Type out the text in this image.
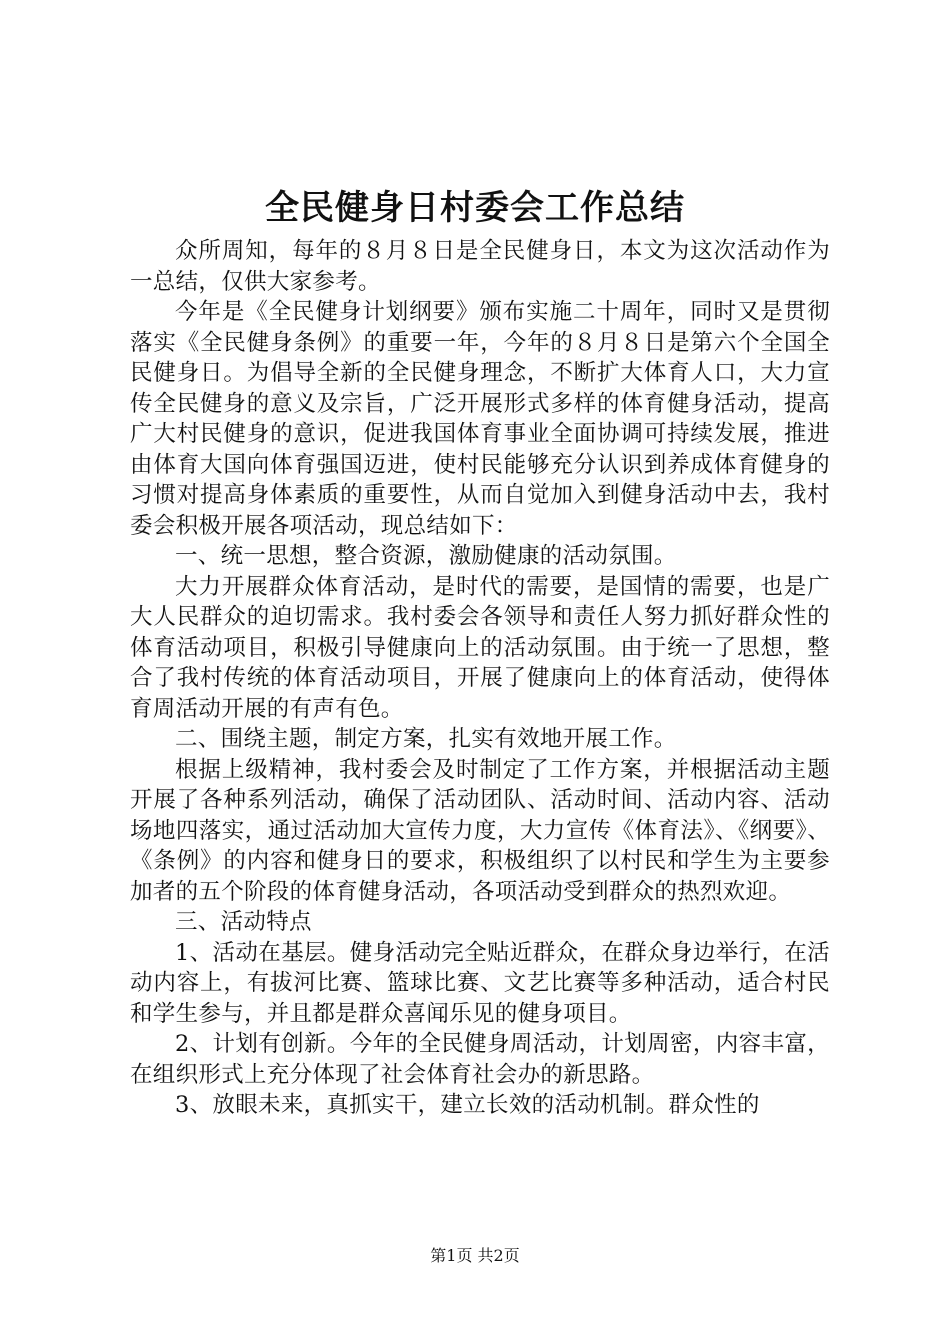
全民健身日村委会工作总结

众所周知，每年的８月８日是全民健身日，本文为这次活动作为一总结，仅供大家参考。

今年是《全民健身计划纲要》颁布实施二十周年，同时又是贯彻落实《全民健身条例》的重要一年，今年的８月８日是第六个全国全民健身日。为倡导全新的全民健身理念，不断扩大体育人口，大力宣传全民健身的意义及宗旨，广泛开展形式多样的体育健身活动，提高广大村民健身的意识，促进我国体育事业全面协调可持续发展，推进由体育大国向体育强国迈进，使村民能够充分认识到养成体育健身的习惯对提高身体素质的重要性，从而自觉加入到健身活动中去，我村委会积极开展各项活动，现总结如下：

一、统一思想，整合资源，激励健康的活动氛围。

大力开展群众体育活动，是时代的需要，是国情的需要，也是广大人民群众的迫切需求。我村委会各领导和责任人努力抓好群众性的体育活动项目，积极引导健康向上的活动氛围。由于统一了思想，整合了我村传统的体育活动项目，开展了健康向上的体育活动，使得体育周活动开展的有声有色。

二、围绕主题，制定方案，扎实有效地开展工作。

根据上级精神，我村委会及时制定了工作方案，并根据活动主题开展了各种系列活动，确保了活动团队、活动时间、活动内容、活动场地四落实，通过活动加大宣传力度，大力宣传《体育法》、《纲要》、《条例》的内容和健身日的要求，积极组织了以村民和学生为主要参加者的五个阶段的体育健身活动，各项活动受到群众的热烈欢迎。

三、活动特点

1、活动在基层。健身活动完全贴近群众，在群众身边举行，在活动内容上，有拔河比赛、篮球比赛、文艺比赛等多种活动，适合村民和学生参与，并且都是群众喜闻乐见的健身项目。

2、计划有创新。今年的全民健身周活动，计划周密，内容丰富，在组织形式上充分体现了社会体育社会办的新思路。

3、放眼未来，真抓实干，建立长效的活动机制。群众性的

第1页 共2页
